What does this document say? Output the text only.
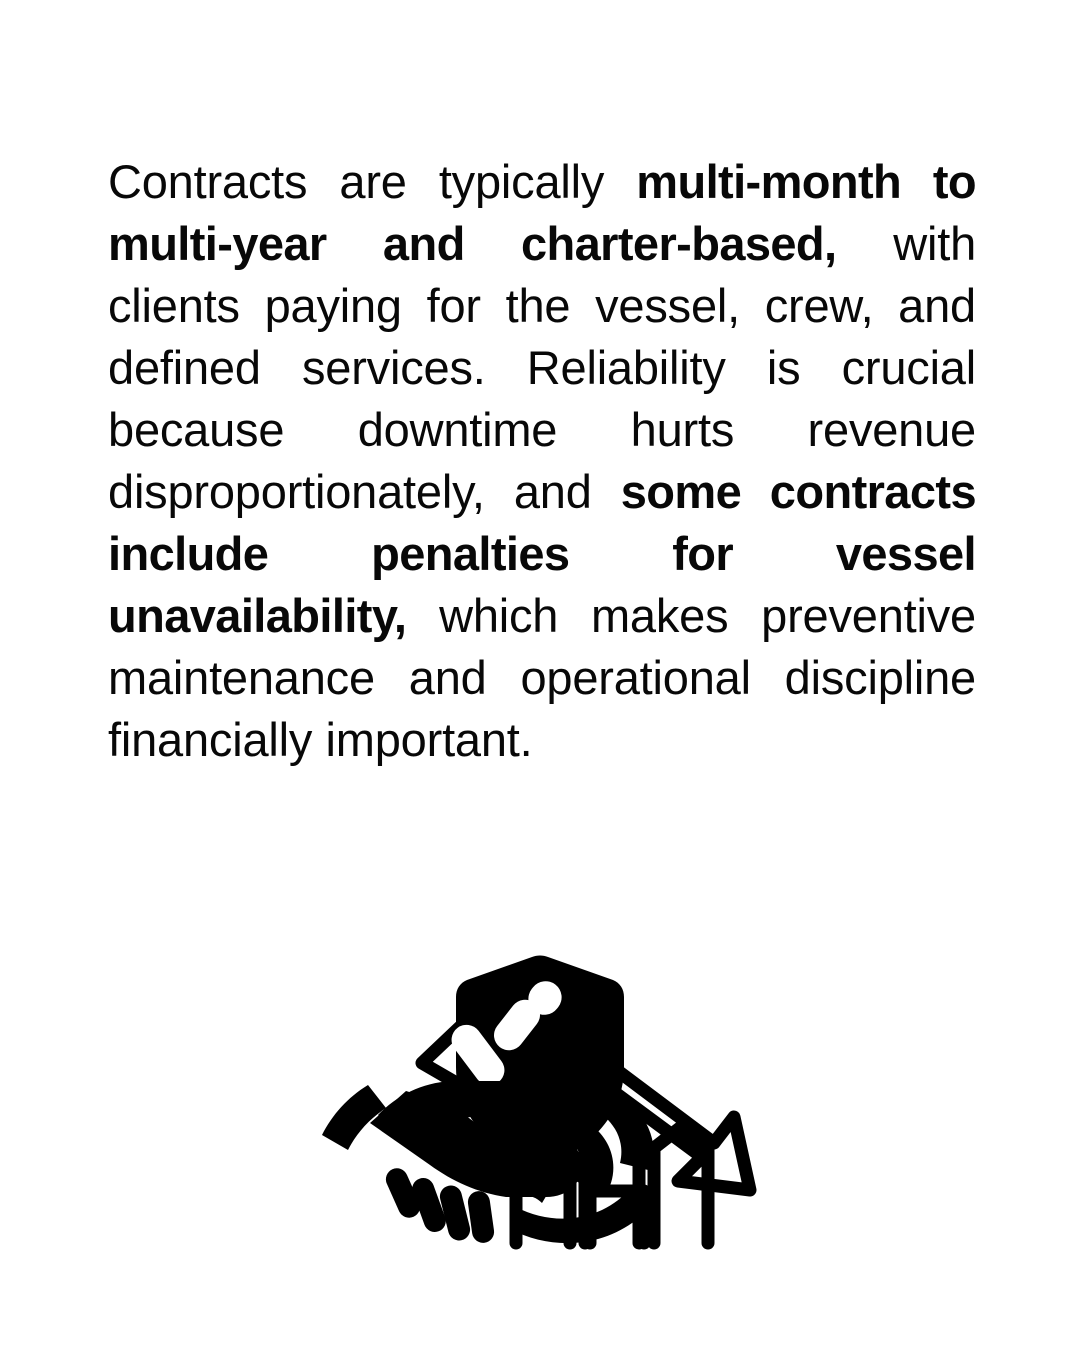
Contracts are typically multi-month to multi-year and charter-based, with clients paying for the vessel, crew, and defined services. Reliability is crucial because downtime hurts revenue disproportionately, and some contracts include penalties for vessel unavailability, which makes preventive maintenance and operational discipline financially important.
